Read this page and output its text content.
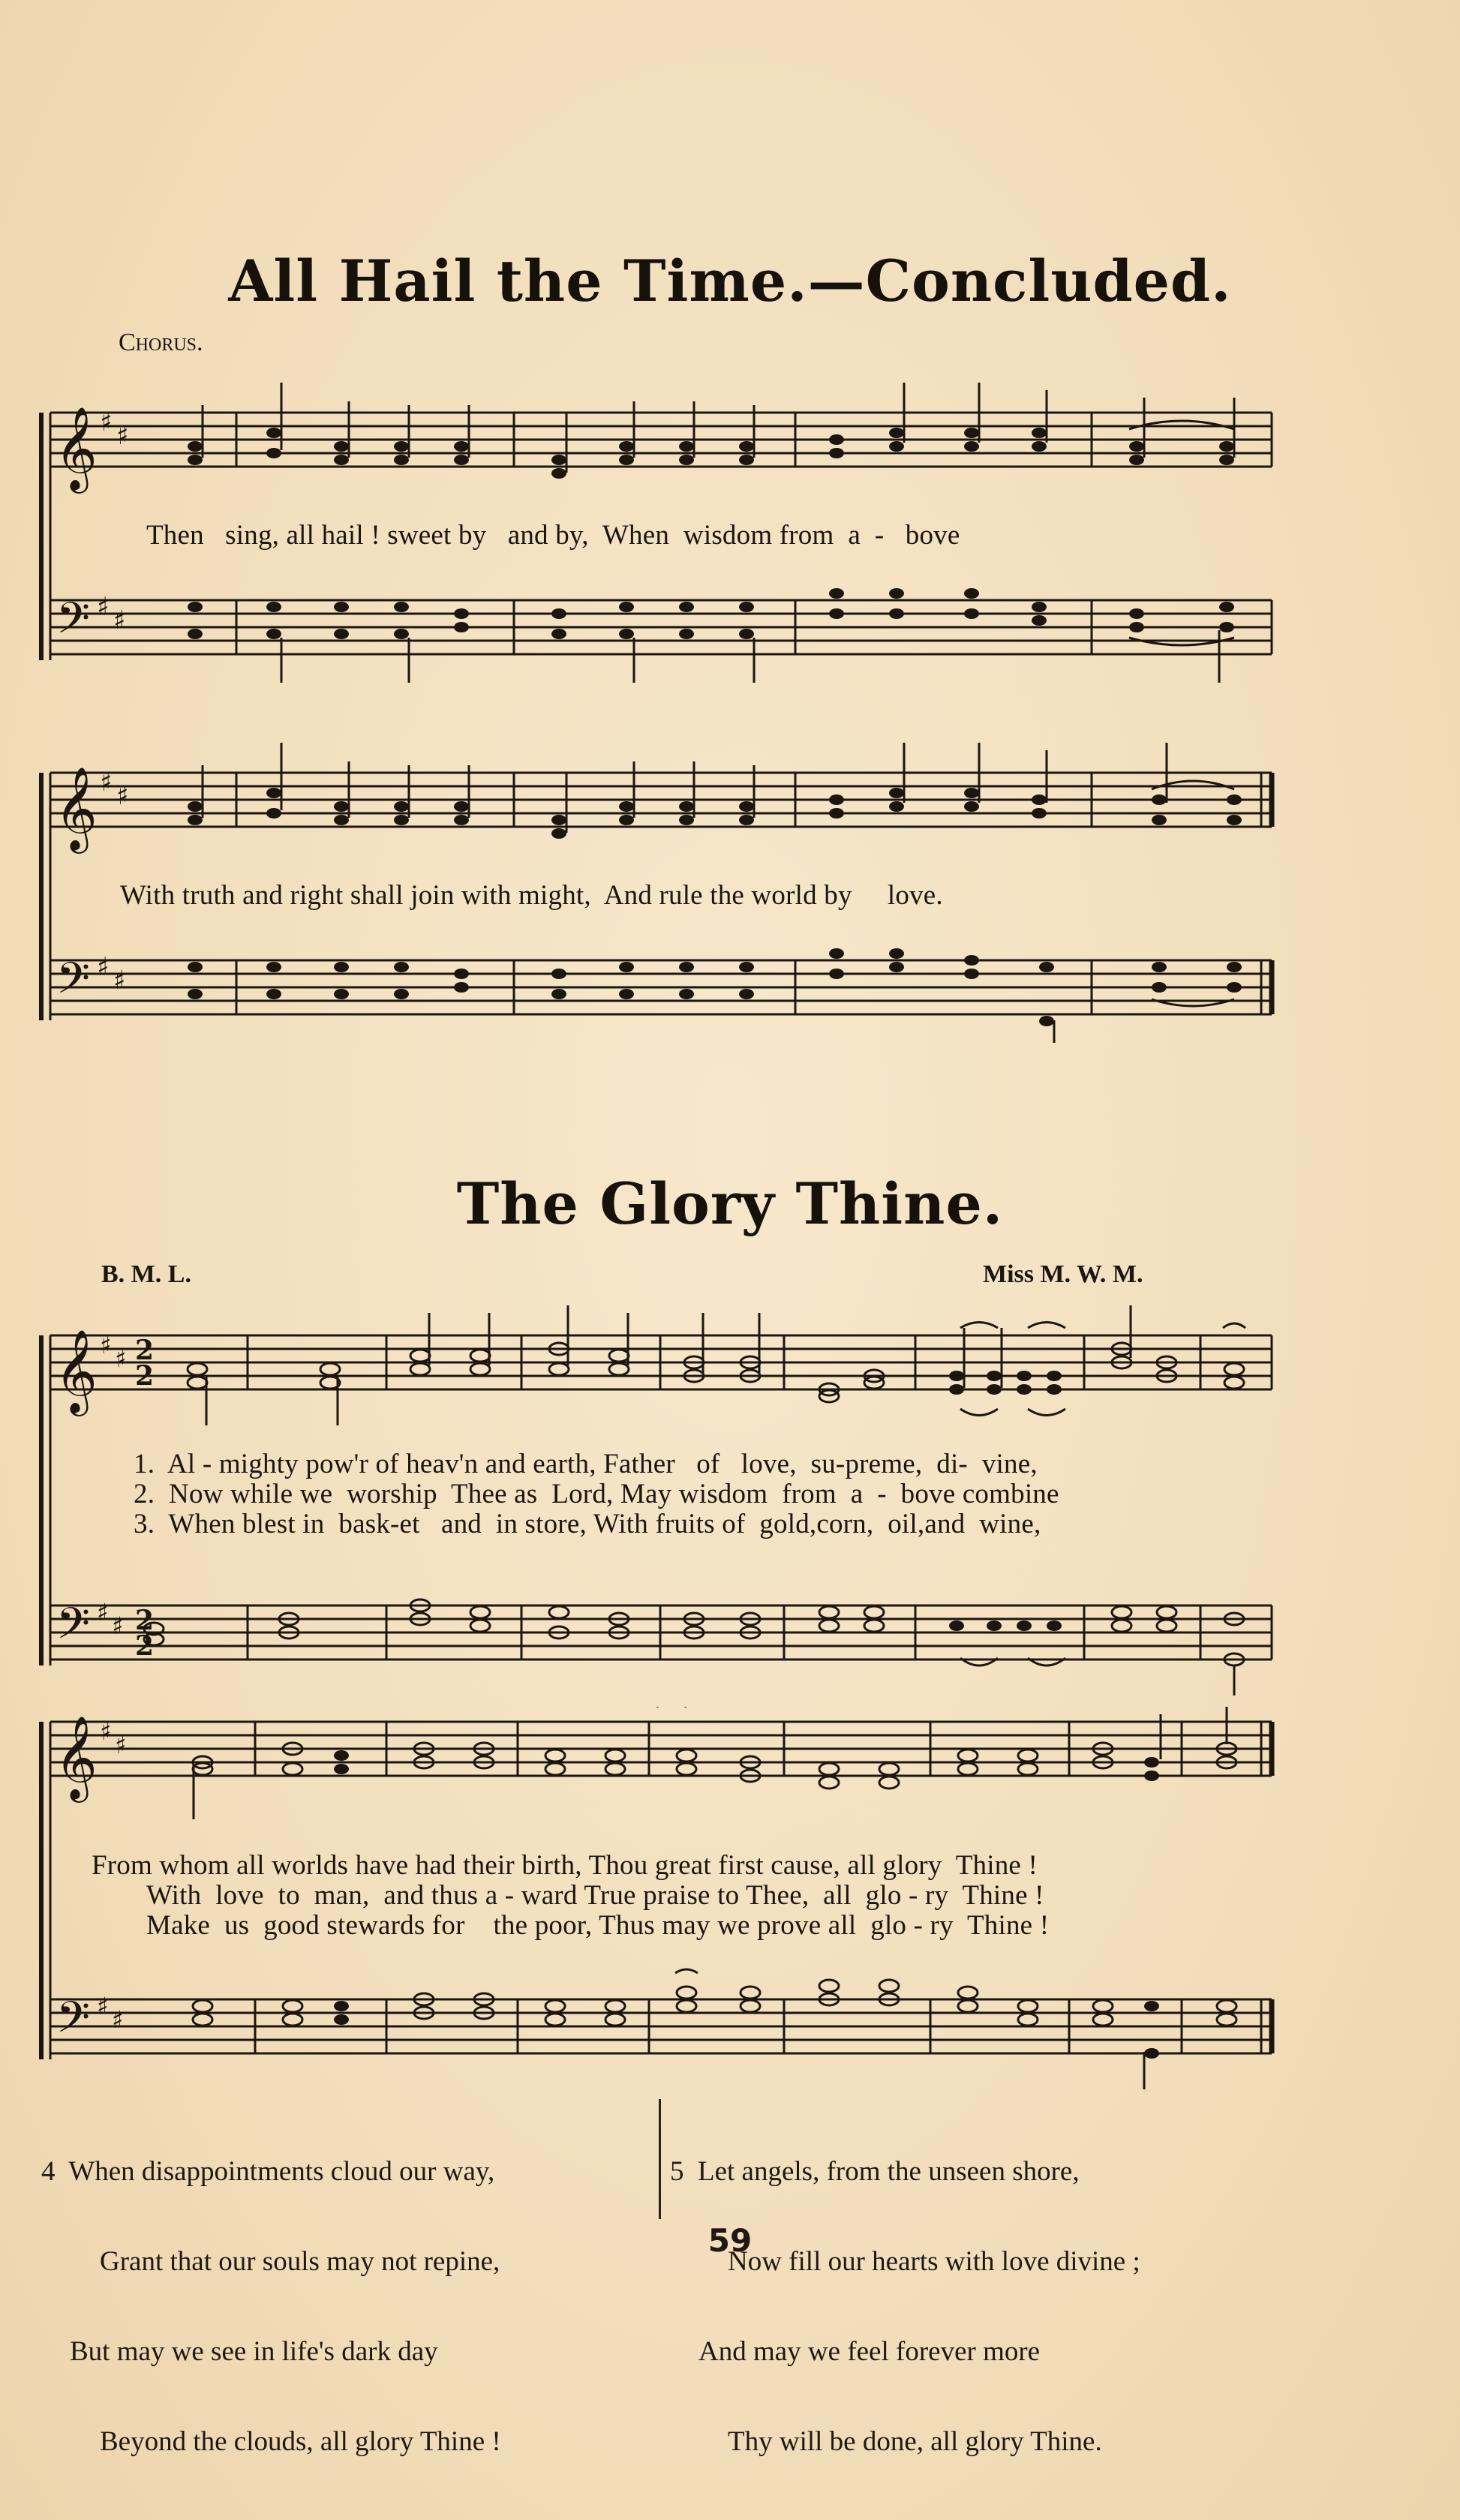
All Hail the Time.—Concluded.
Chorus.
𝄞
𝄢
♯ ♯
♯ ♯
Then   sing, all hail ! sweet by   and by,  When  wisdom from  a  -   bove
𝄞
𝄢
♯ ♯
♯ ♯
With truth and right shall join with might,  And rule the world by     love.
The Glory Thine.
B. M. L.	Miss M. W. M.
𝄞
𝄢
♯ ♯
♯ ♯
2
2
2
2
1.  Al - mighty pow'r of heav'n and earth, Father   of   love,  su-preme,  di-  vine,
2.  Now while we  worship  Thee as  Lord, May wisdom  from  a  -  bove combine
3.  When blest in  bask-et   and  in store, With fruits of  gold,corn,  oil,and  wine,
𝄞
𝄢
♯ ♯
♯ ♯
From whom all worlds have had their birth, Thou great first cause, all glory  Thine !
With  love  to  man,  and thus a - ward True praise to Thee,  all  glo - ry  Thine !
Make  us  good stewards for    the poor, Thus may we prove all  glo - ry  Thine !

4  When disappointments cloud our way,

Grant that our souls may not repine,

But may we see in life's dark day

Beyond the clouds, all glory Thine !

5  Let angels, from the unseen shore,

Now fill our hearts with love divine ;

And may we feel forever more

Thy will be done, all glory Thine.

59
